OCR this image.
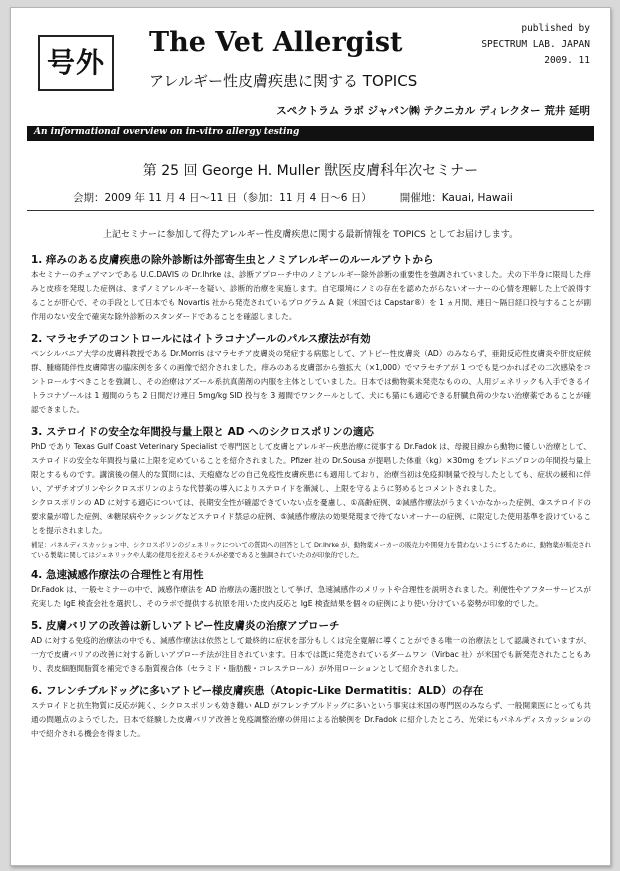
号外
The Vet Allergist
アレルギー性皮膚疾患に関する TOPICS
published by
SPECTRUM LAB. JAPAN
2009. 11
スペクトラム ラボ ジャパン㈱ テクニカル ディレクター 荒井 延明
An informational overview on in-vitro allergy testing
第 25 回 George H. Muller 獣医皮膚科年次セミナー
会期：2009 年 11 月 4 日～11 日（参加：11 月 4 日～6 日）	開催地：Kauai, Hawaii
上記セミナーに参加して得たアレルギー性皮膚疾患に関する最新情報を TOPICS としてお届けします。
1. 痒みのある皮膚疾患の除外診断は外部寄生虫とノミアレルギーのルールアウトから

本セミナーのチェアマンである U.C.DAVIS の Dr.Ihrke は、診断アプローチ中のノミアレルギー除外診断の重要性を強調されていました。犬の下半身に限局した痒みと皮疹を発現した症例は、まずノミアレルギーを疑い、診断的治療を実施します。自宅環境にノミの存在を認めたがらないオーナーの心情を理解した上で説得することが肝心で、その手段として日本でも Novartis 社から発売されているプログラム A 錠（米国では Capstar®）を 1 ヵ月間、連日～隔日経口投与することが副作用のない安全で確実な除外診断のスタンダードであることを確認しました。

2. マラセチアのコントロールにはイトラコナゾールのパルス療法が有効

ペンシルバニア大学の皮膚科教授である Dr.Morris はマラセチア皮膚炎の発症する病態として、アトピー性皮膚炎（AD）のみならず、亜鉛反応性皮膚炎や肝皮症候群、腫瘍随伴性皮膚障害の臨床例を多くの画像で紹介されました。痒みのある皮膚部から強拡大（×1,000）でマラセチアが 1 つでも見つかればその二次感染をコントロールすべきことを強調し、その治療はアズール系抗真菌剤の内服を主体としていました。日本では動物薬未発売なものの、人用ジェネリックも入手できるイトラコナゾールは 1 週間のうち 2 日間だけ連日 5mg/kg SID 投与を 3 週間でワンクールとして、犬にも猫にも適応できる肝臓負荷の少ない治療薬であることが確認できました。

3. ステロイドの安全な年間投与量上限と AD へのシクロスポリンの適応

PhD であり Texas Gulf Coast Veterinary Specialist で専門医として皮膚とアレルギー疾患治療に従事する Dr.Fadok は、母親目線から動物に優しい治療として、ステロイドの安全な年間投与量に上限を定めていることを紹介されました。Pfizer 社の Dr.Sousa が提唱した体重（kg）×30mg をプレドニゾロンの年間投与量上限とするものです。講演後の個人的な質問には、天疱瘡などの自己免疫性皮膚疾患にも適用しており、治療当初は免疫抑制量で投与したとしても、症状の緩和に伴い、アザチオプリンやシクロスポリンのような代替薬の導入によりステロイドを漸減し、上限を守るように努めるとコメントされました。

シクロスポリンの AD に対する適応については、長期安全性が確認できていない点を憂慮し、①高齢症例、②減感作療法がうまくいかなかった症例、③ステロイドの要求量が増した症例、④糖尿病やクッシングなどステロイド禁忌の症例、⑤減感作療法の効果発現まで待てないオーナーの症例、に限定した使用基準を設けていることを提示されました。

補足：パネルディスカッション中、シクロスポリンのジェネリックについての質問への回答として Dr.Ihrke が、動物薬メーカーの販売力や開発力を賛わないようにするために、動物薬が販売されている製薬に関してはジェネリックや人薬の使用を控えるモラルが必要であると強調されていたのが印象的でした。

4. 急速減感作療法の合理性と有用性

Dr.Fadok は、一般セミナーの中で、減感作療法を AD 治療法の選択肢として挙げ、急速減感作のメリットや合理性を説明されました。利便性やアフターサービスが充実した IgE 検査会社を選択し、そのラボで提供する抗原を用いた皮内反応と IgE 検査結果を個々の症例により使い分けている姿勢が印象的でした。

5. 皮膚バリアの改善は新しいアトピー性皮膚炎の治療アプローチ

AD に対する免疫的治療法の中でも、減感作療法は依然として最終的に症状を部分もしくは完全寛解に導くことができる唯一の治療法として認識されていますが、一方で皮膚バリアの改善に対する新しいアプローチ法が注目されています。日本では既に発売されているダームワン（Virbac 社）が米国でも新発売されたこともあり、表皮細胞間脂質を補完できる脂質複合体（セラミド・脂肪酸・コレステロール）が外用ローションとして紹介されました。

6. フレンチブルドッグに多いアトピー様皮膚疾患（Atopic-Like Dermatitis：ALD）の存在

ステロイドと抗生物質に反応が鈍く、シクロスポリンも効き難い ALD がフレンチブルドッグに多いという事実は米国の専門医のみならず、一般開業医にとっても共通の問題点のようでした。日本で経験した皮膚バリア改善と免疫調整治療の併用による治験例を Dr.Fadok に紹介したところ、光栄にもパネルディスカッションの中で紹介される機会を得ました。
